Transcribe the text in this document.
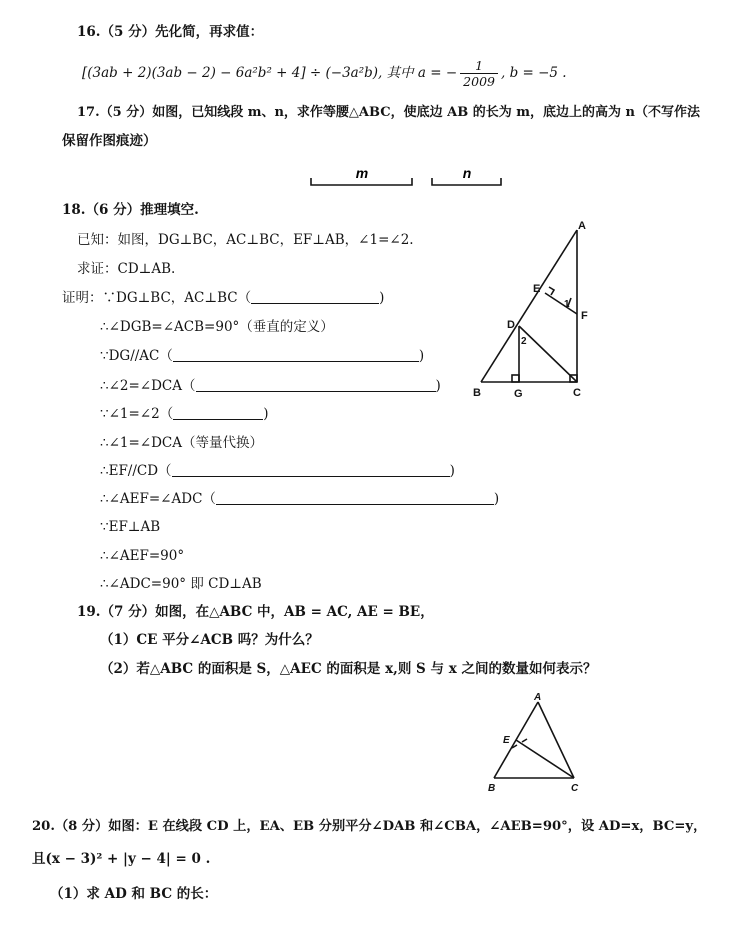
16.（5 分）先化简，再求值：
[(3ab + 2)(3ab − 2) − 6a²b² + 4] ÷ (−3a²b), 其中 a = − $\frac{1}{2009}$ , b = −5 .
17.（5 分）如图，已知线段 m、n，求作等腰△ABC，使底边 AB 的长为 m，底边上的高为 n（不写作法
保留作图痕迹）
m	n
18.（6 分）推理填空.
已知：如图，DG⊥BC，AC⊥BC，EF⊥AB，∠1=∠2.
求证：CD⊥AB.
证明：∵DG⊥BC，AC⊥BC（	)
∴∠DGB=∠ACB=90°（垂直的定义）
∵DG//AC（	)
∴∠2=∠DCA（	)
∵∠1=∠2（	)
∴∠1=∠DCA（等量代换）
∴EF//CD（	)
∴∠AEF=∠ADC（	)
∵EF⊥AB
∴∠AEF=90°
∴∠ADC=90° 即 CD⊥AB
A
E
F
D
B	G	C
1
2
19.（7 分）如图，在△ABC 中，AB = AC, AE = BE，
（1）CE 平分∠ACB 吗？为什么？
（2）若△ABC 的面积是 S，△AEC 的面积是 x,则 S 与 x 之间的数量如何表示？
A
E
B	C
20.（8 分）如图：E 在线段 CD 上，EA、EB 分别平分∠DAB 和∠CBA，∠AEB=90°，设 AD=x，BC=y，
且(x − 3)² + |y − 4| = 0 .
（1）求 AD 和 BC 的长：
